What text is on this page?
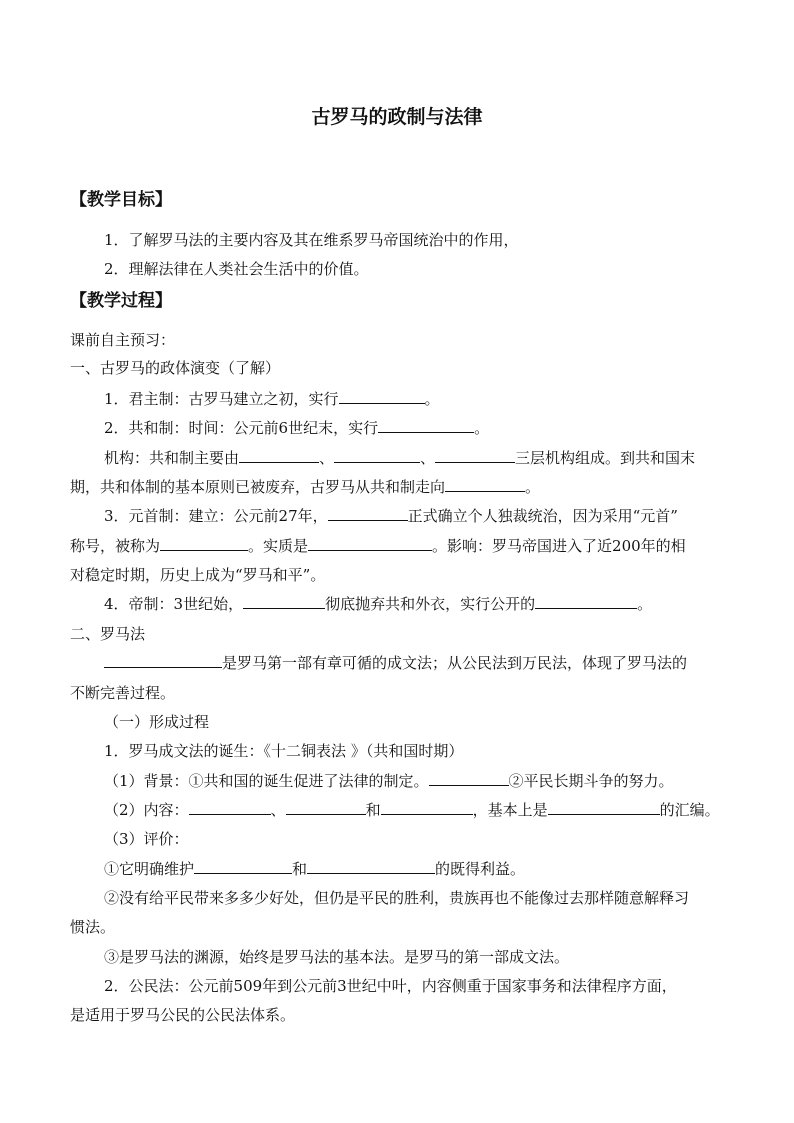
古罗马的政制与法律
【教学目标】
1．了解罗马法的主要内容及其在维系罗马帝国统治中的作用，
2．理解法律在人类社会生活中的价值。
【教学过程】
课前自主预习：
一、古罗马的政体演变（了解）
1．君主制：古罗马建立之初，实行	。
2．共和制：时间：公元前6世纪末，实行	。
机构：共和制主要由	、	、	三层机构组成。到共和国末
期，共和体制的基本原则已被废弃，古罗马从共和制走向	。
3．元首制：建立：公元前27年，	正式确立个人独裁统治，因为采用“元首”
称号，被称为	。实质是	。影响：罗马帝国进入了近200年的相
对稳定时期，历史上成为“罗马和平”。
4．帝制：3世纪始，	彻底抛弃共和外衣，实行公开的	。
二、罗马法
是罗马第一部有章可循的成文法；从公民法到万民法，体现了罗马法的
不断完善过程。
（一）形成过程
1．罗马成文法的诞生：《十二铜表法 》（共和国时期）
（1）背景：①共和国的诞生促进了法律的制定。	②平民长期斗争的努力。
（2）内容：	、	和	，基本上是	的汇编。
（3）评价：
①它明确维护	和	的既得利益。
②没有给平民带来多多少好处，但仍是平民的胜利，贵族再也不能像过去那样随意解释习
惯法。
③是罗马法的渊源，始终是罗马法的基本法。是罗马的第一部成文法。
2．公民法：公元前509年到公元前3世纪中叶，内容侧重于国家事务和法律程序方面，
是适用于罗马公民的公民法体系。
